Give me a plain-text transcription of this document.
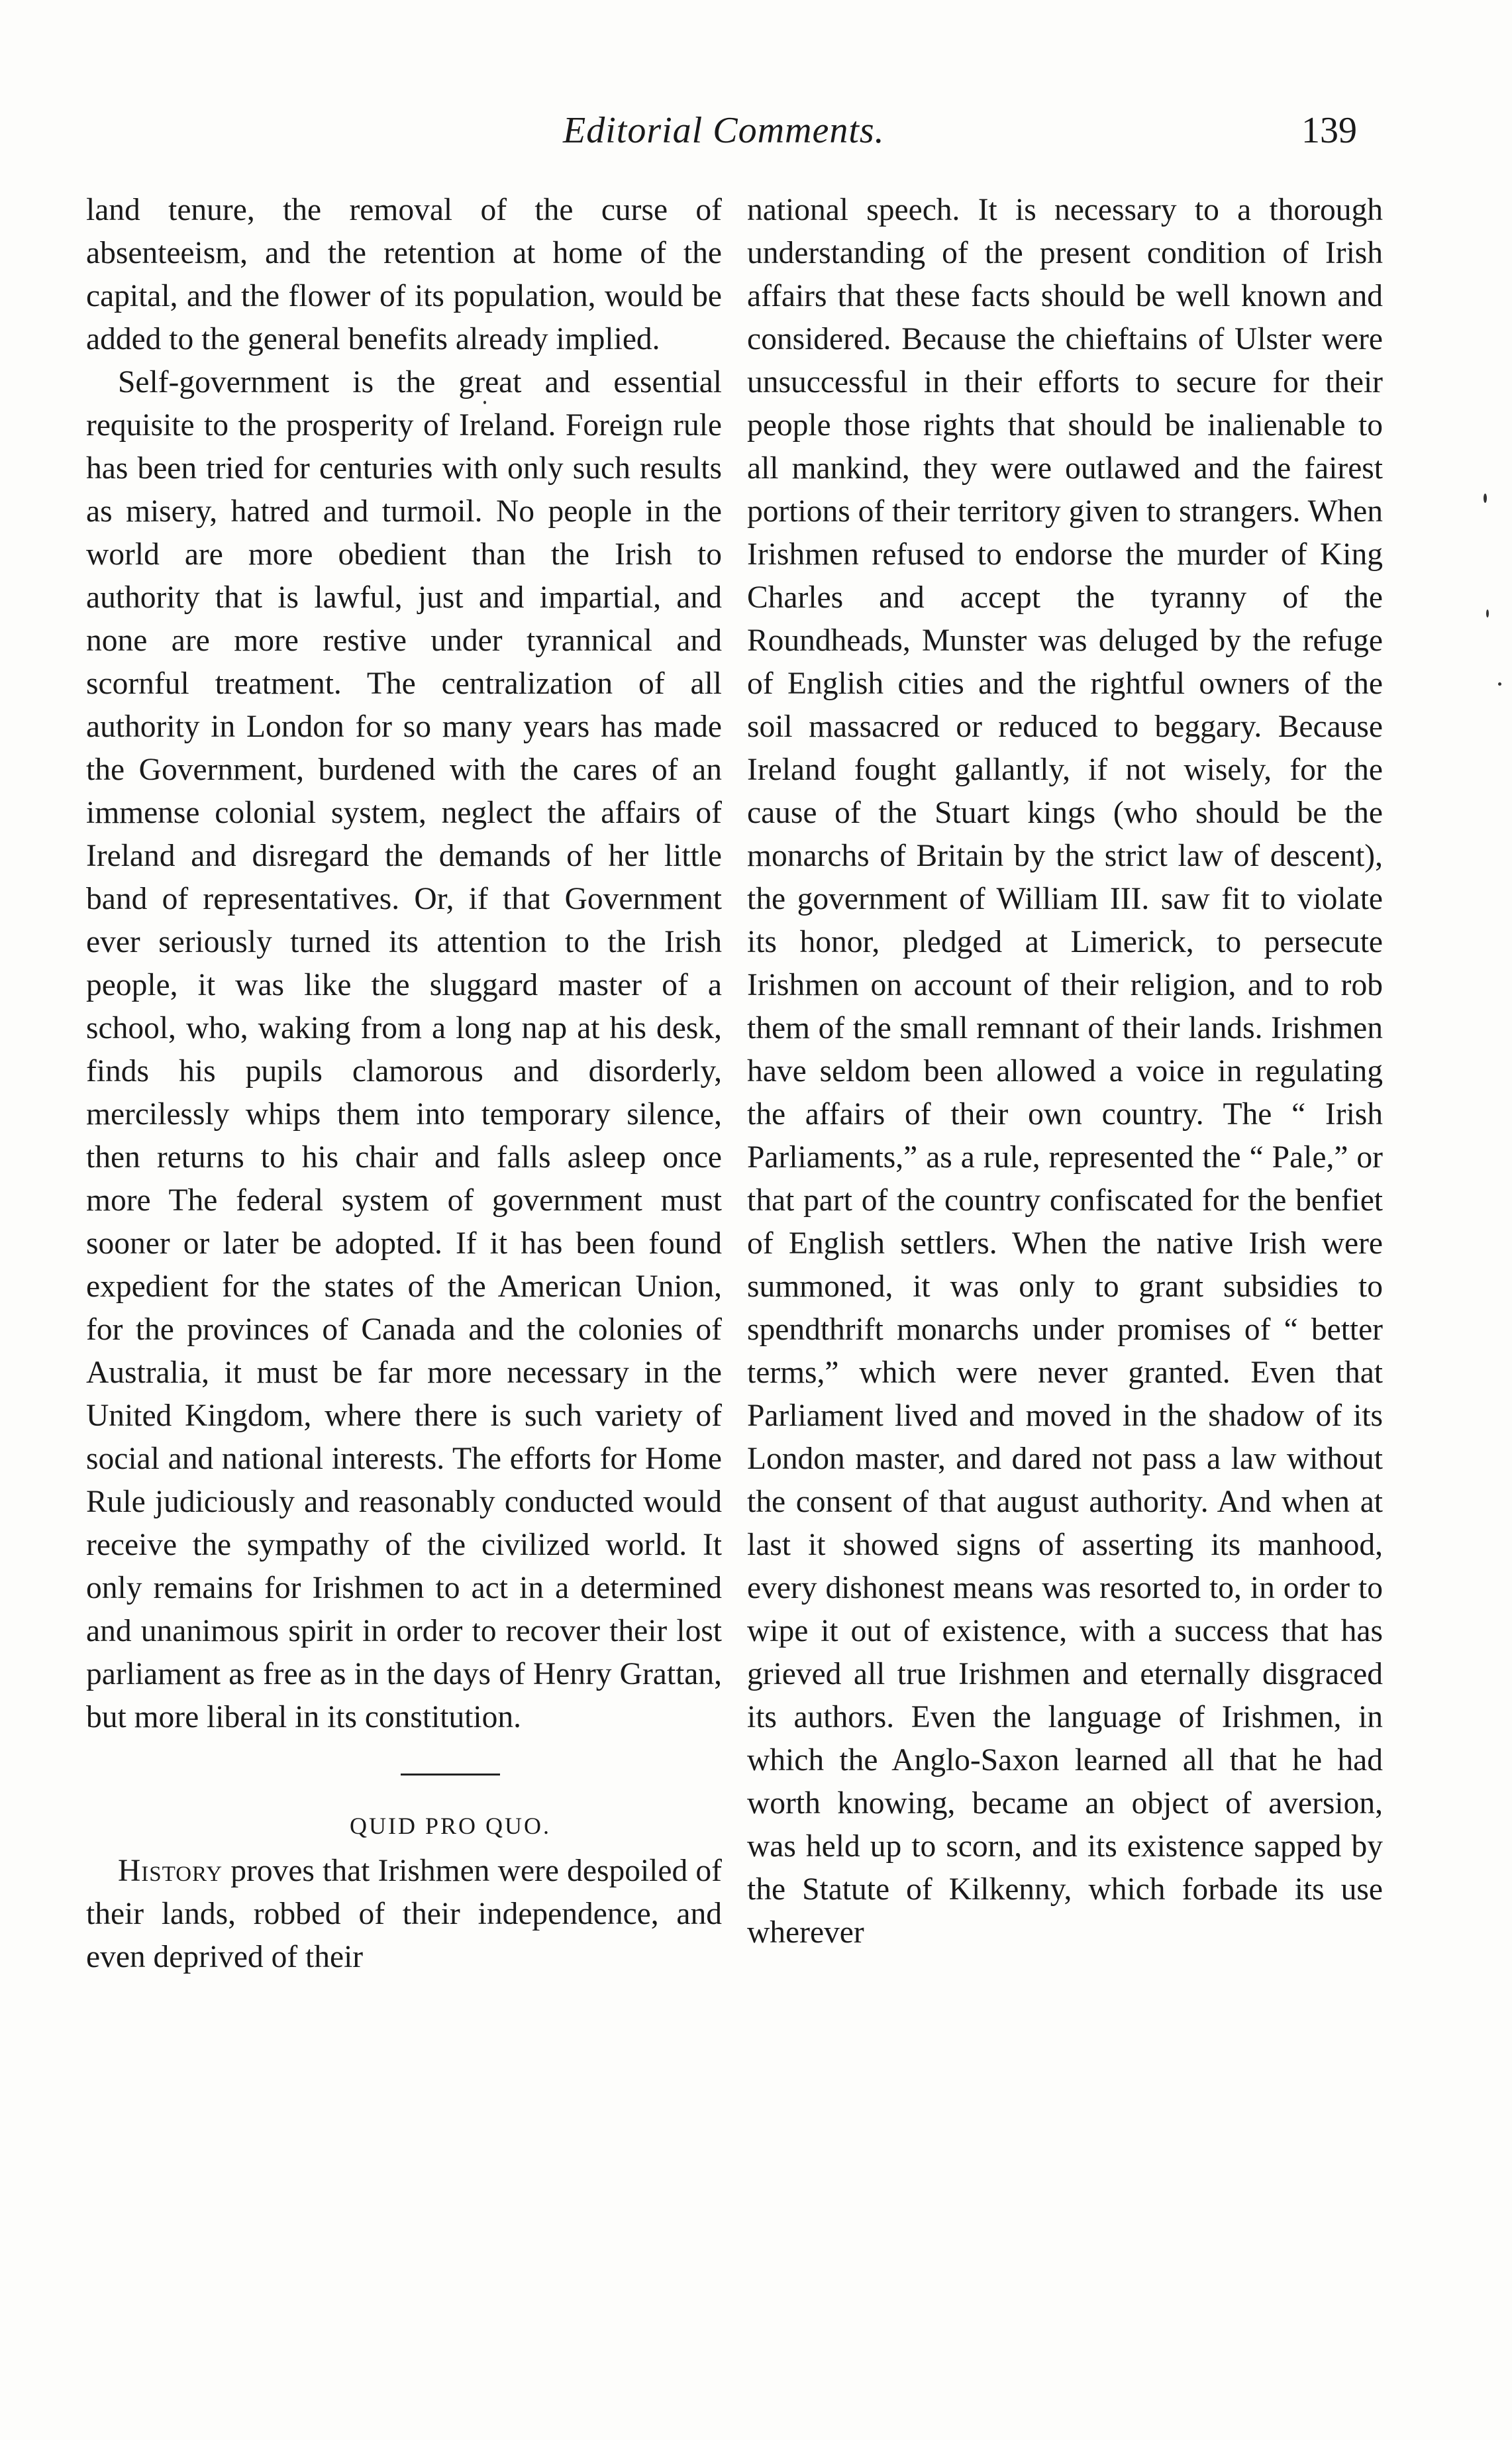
Editorial Comments.	139

land tenure, the removal of the curse of absenteeism, and the retention at home of the capital, and the flower of its population, would be added to the general benefits already implied.

Self-government is the great and essential requisite to the prosperity of Ireland. Foreign rule has been tried for centuries with only such results as misery, hatred and turmoil. No people in the world are more obedient than the Irish to authority that is lawful, just and impartial, and none are more restive under tyrannical and scornful treatment. The centralization of all authority in London for so many years has made the Government, burdened with the cares of an immense colonial system, neglect the affairs of Ireland and disregard the demands of her little band of representatives. Or, if that Government ever seriously turned its attention to the Irish people, it was like the sluggard master of a school, who, waking from a long nap at his desk, finds his pupils clamorous and disorderly, mercilessly whips them into temporary silence, then returns to his chair and falls asleep once more The federal system of government must sooner or later be adopted. If it has been found expedient for the states of the American Union, for the provinces of Canada and the colonies of Australia, it must be far more necessary in the United Kingdom, where there is such variety of social and national interests. The efforts for Home Rule judiciously and reasonably conducted would receive the sympathy of the civilized world. It only remains for Irishmen to act in a determined and unanimous spirit in order to recover their lost parliament as free as in the days of Henry Grattan, but more liberal in its constitution.

QUID PRO QUO.

History proves that Irishmen were despoiled of their lands, robbed of their independence, and even deprived of their

national speech. It is necessary to a thorough understanding of the present condition of Irish affairs that these facts should be well known and considered. Because the chieftains of Ulster were unsuccessful in their efforts to secure for their people those rights that should be inalienable to all mankind, they were outlawed and the fairest portions of their territory given to strangers. When Irishmen refused to endorse the murder of King Charles and accept the tyranny of the Roundheads, Munster was deluged by the refuge of English cities and the rightful owners of the soil massacred or reduced to beggary. Because Ireland fought gallantly, if not wisely, for the cause of the Stuart kings (who should be the monarchs of Britain by the strict law of descent), the government of William III. saw fit to violate its honor, pledged at Limerick, to persecute Irishmen on account of their religion, and to rob them of the small remnant of their lands. Irishmen have seldom been allowed a voice in regulating the affairs of their own country. The “ Irish Parliaments,” as a rule, represented the “ Pale,” or that part of the country confiscated for the benfiet of English settlers. When the native Irish were summoned, it was only to grant subsidies to spendthrift monarchs under promises of “ better terms,” which were never granted. Even that Parliament lived and moved in the shadow of its London master, and dared not pass a law without the consent of that august authority. And when at last it showed signs of asserting its manhood, every dishonest means was resorted to, in order to wipe it out of existence, with a success that has grieved all true Irishmen and eternally disgraced its authors. Even the language of Irishmen, in which the Anglo-Saxon learned all that he had worth knowing, became an object of aversion, was held up to scorn, and its existence sapped by the Statute of Kilkenny, which forbade its use wherever
